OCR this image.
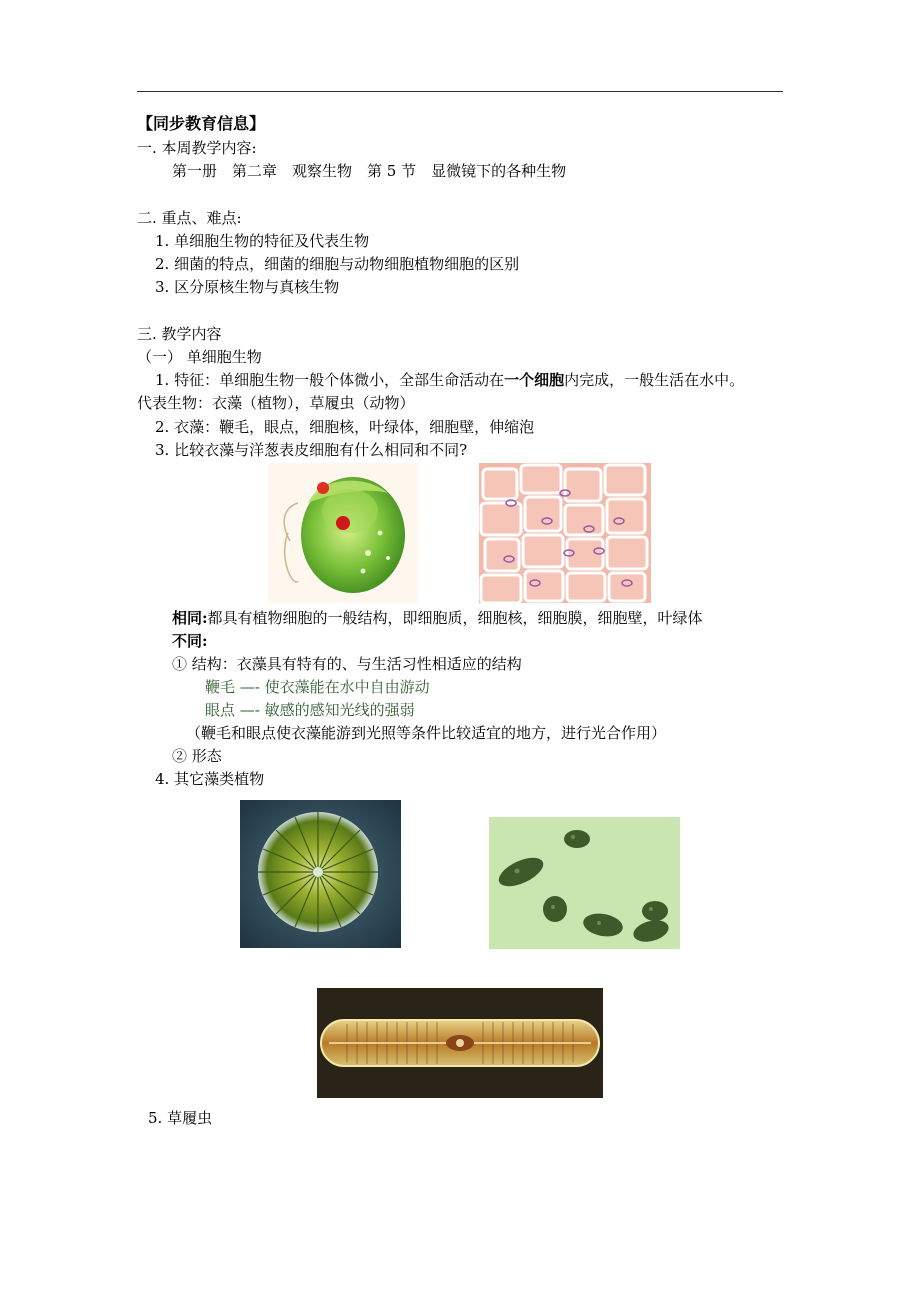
【同步教育信息】
一. 本周教学内容:
第一册　第二章　观察生物　第 5 节　显微镜下的各种生物
二. 重点、难点:
1. 单细胞生物的特征及代表生物
2. 细菌的特点，细菌的细胞与动物细胞植物细胞的区别
3. 区分原核生物与真核生物
三. 教学内容
（一） 单细胞生物
1. 特征：单细胞生物一般个体微小，全部生命活动在一个细胞内完成，一般生活在水中。
代表生物：衣藻（植物），草履虫（动物）
2. 衣藻：鞭毛，眼点，细胞核，叶绿体，细胞壁，伸缩泡
3. 比较衣藻与洋葱表皮细胞有什么相同和不同?
相同:都具有植物细胞的一般结构，即细胞质，细胞核，细胞膜，细胞壁，叶绿体
不同:
① 结构：衣藻具有特有的、与生活习性相适应的结构
鞭毛 —- 使衣藻能在水中自由游动
眼点 —- 敏感的感知光线的强弱
（鞭毛和眼点使衣藻能游到光照等条件比较适宜的地方，进行光合作用）
② 形态
4. 其它藻类植物
5. 草履虫
